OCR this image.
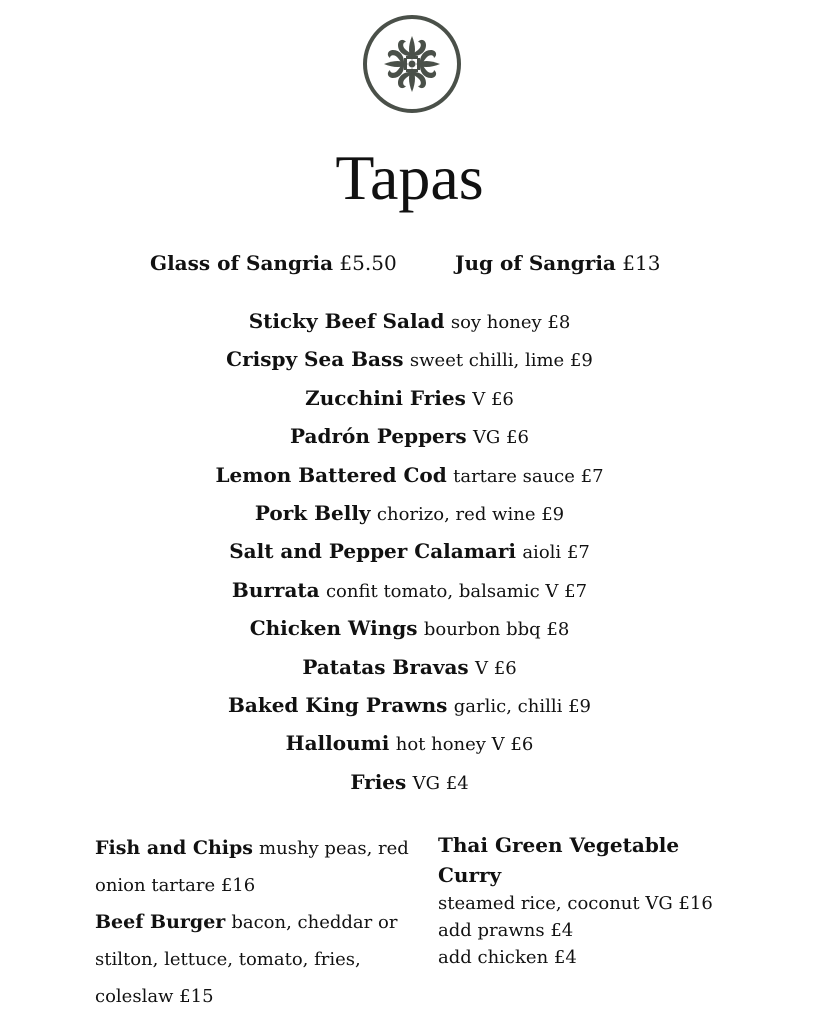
Tapas
Glass of Sangria £5.50	Jug of Sangria £13
Sticky Beef Salad soy honey £8
Crispy Sea Bass sweet chilli, lime £9
Zucchini Fries V £6
Padrón Peppers VG £6
Lemon Battered Cod tartare sauce £7
Pork Belly chorizo, red wine £9
Salt and Pepper Calamari aioli £7
Burrata confit tomato, balsamic V £7
Chicken Wings bourbon bbq £8
Patatas Bravas V £6
Baked King Prawns garlic, chilli £9
Halloumi hot honey V £6
Fries VG £4
Fish and Chips mushy peas, red onion tartare £16
Beef Burger bacon, cheddar or stilton, lettuce, tomato, fries, coleslaw £15
Thai Green Vegetable Curry
steamed rice, coconut VG £16
add prawns £4
add chicken £4
